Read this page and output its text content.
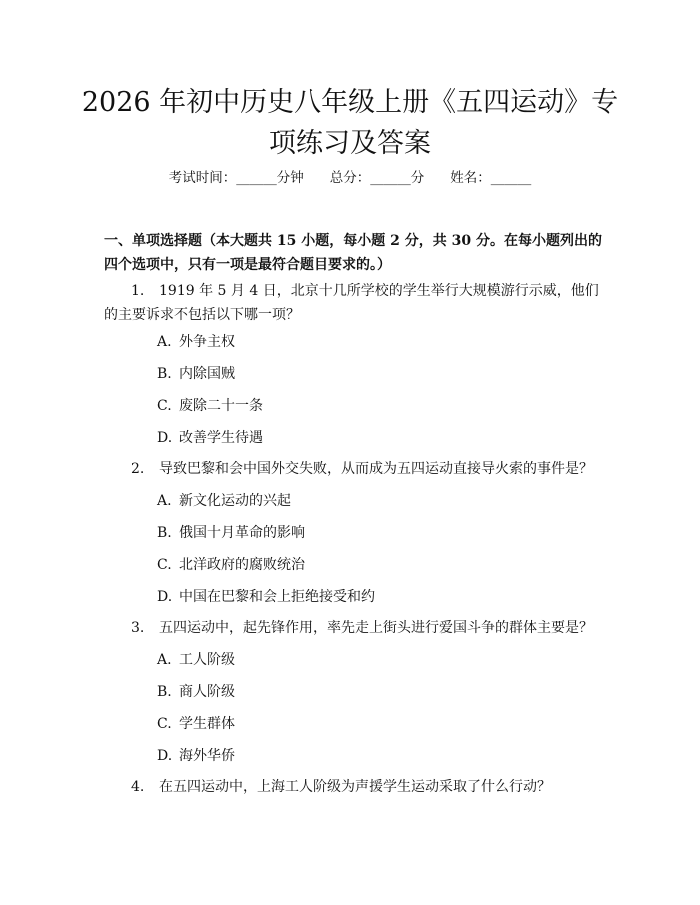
2026 年初中历史八年级上册《五四运动》专项练习及答案
考试时间：______分钟 总分：______分 姓名：______

一、单项选择题（本大题共 15 小题，每小题 2 分，共 30 分。在每小题列出的四个选项中，只有一项是最符合题目要求的。）

1. 1919 年 5 月 4 日，北京十几所学校的学生举行大规模游行示威，他们的主要诉求不包括以下哪一项？

A. 外争主权
B. 内除国贼
C. 废除二十一条
D. 改善学生待遇

2. 导致巴黎和会中国外交失败，从而成为五四运动直接导火索的事件是？

A. 新文化运动的兴起
B. 俄国十月革命的影响
C. 北洋政府的腐败统治
D. 中国在巴黎和会上拒绝接受和约

3. 五四运动中，起先锋作用，率先走上街头进行爱国斗争的群体主要是？

A. 工人阶级
B. 商人阶级
C. 学生群体
D. 海外华侨

4. 在五四运动中，上海工人阶级为声援学生运动采取了什么行动？
